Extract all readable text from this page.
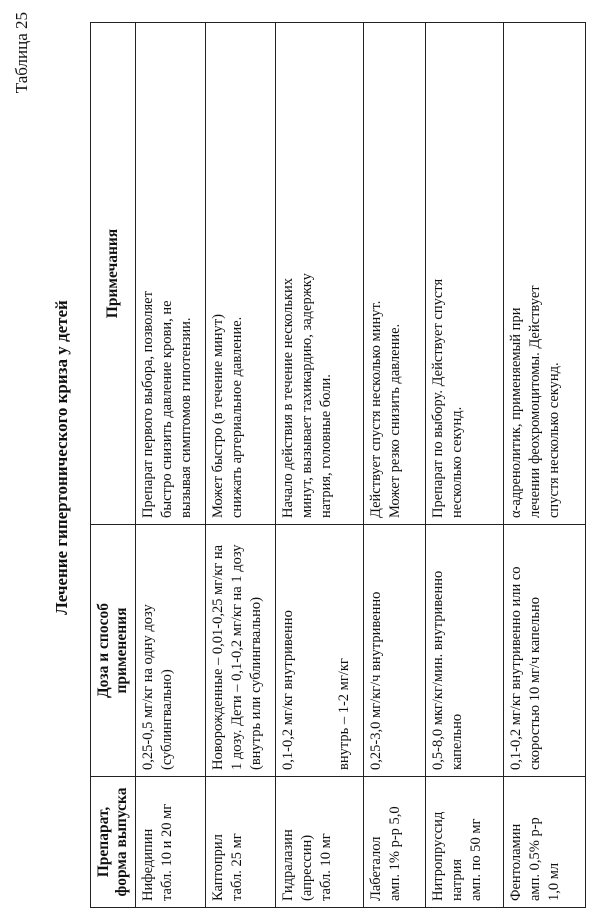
Таблица 25
Лечение гипертонического криза у детей
Препарат, форма выпуска	Доза и способ применения	Примечания

Нифедипин табл. 10 и 20 мг	0,25-0,5 мг/кг на одну дозу (сублингвально)	Препарат первого выбора, позволяет быстро снизить давление крови, не вызывая симптомов гипотензии.

Каптоприл табл. 25 мг	Новорожденные – 0,01-0,25 мг/кг на 1 дозу. Дети – 0,1-0,2 мг/кг на 1 дозу (внутрь или сублингвально)	Может быстро (в течение минут) снижать артериальное давление.

Гидралазин (апрессин) табл. 10 мг	0,1-0,2 мг/кг внутривенно внутрь – 1-2 мг/кг	Начало действия в течение нескольких минут, вызывает тахикардию, задержку натрия, головные боли.

Лабеталол амп. 1% р-р 5,0	0,25-3,0 мг/кг/ч внутривенно	Действует спустя несколько минут. Может резко снизить давление.

Нитропруссид натрия амп. по 50 мг	0,5-8,0 мкг/кг/мин. внутривенно капельно	Препарат по выбору. Действует спустя несколько секунд.

Фентоламин амп. 0,5% р-р 1,0 мл	0,1-0,2 мг/кг внутривенно или со скоростью 10 мг/ч капельно	α-адренолитик, применяемый при лечении феохромоцитомы. Действует спустя несколько секунд.
